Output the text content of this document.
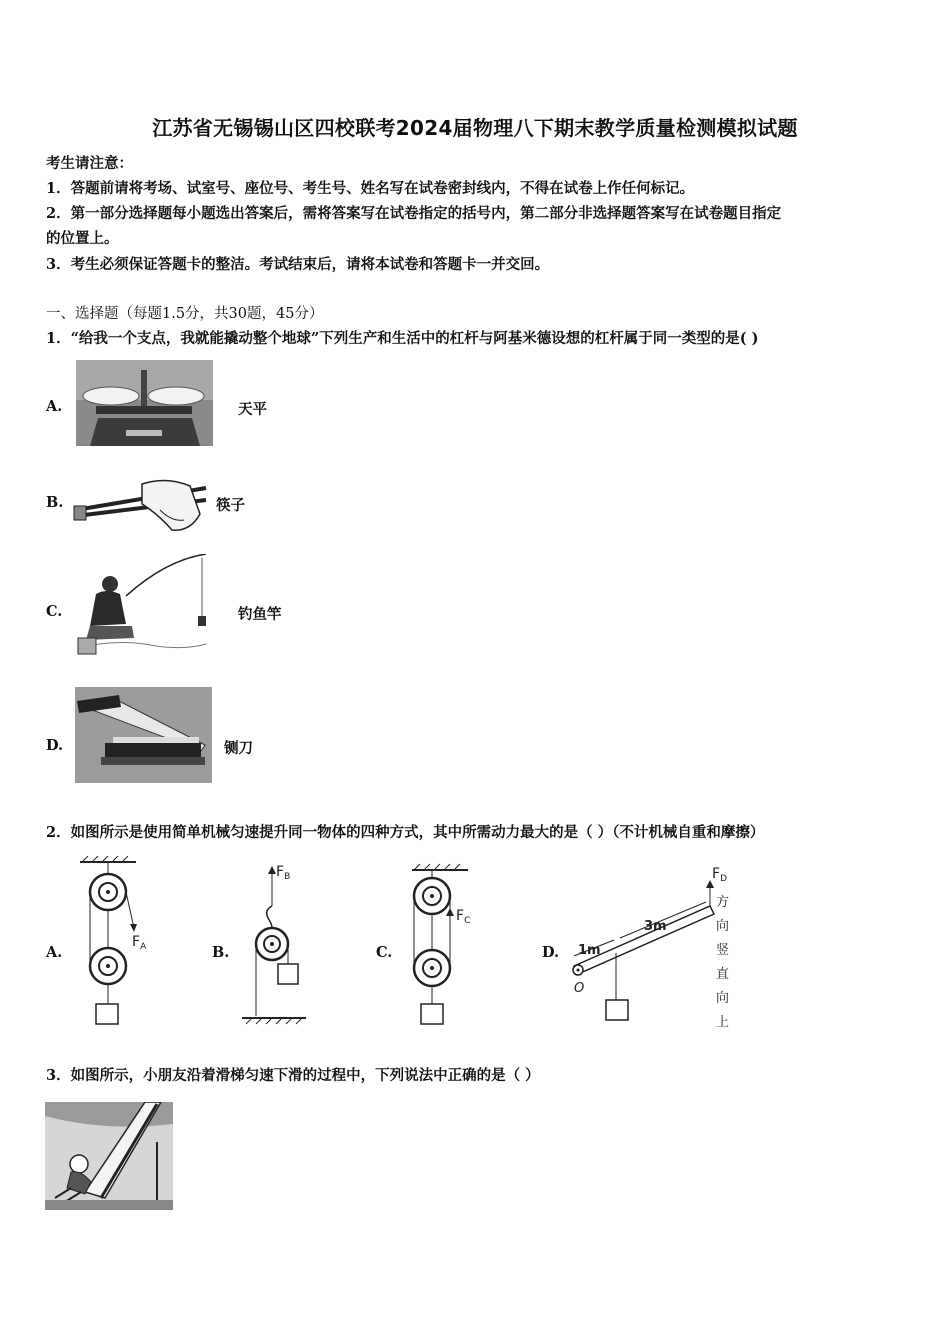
江苏省无锡锡山区四校联考2024届物理八下期末教学质量检测模拟试题
考生请注意：
1．答题前请将考场、试室号、座位号、考生号、姓名写在试卷密封线内，不得在试卷上作任何标记。
2．第一部分选择题每小题选出答案后，需将答案写在试卷指定的括号内，第二部分非选择题答案写在试卷题目指定
的位置上。
3．考生必须保证答题卡的整洁。考试结束后，请将本试卷和答题卡一并交回。
一、选择题（每题1.5分，共30题，45分）
1．“给我一个支点，我就能撬动整个地球”下列生产和生活中的杠杆与阿基米德设想的杠杆属于同一类型的是( )
A.	天平
B.	筷子
C.	钓鱼竿
D.	铡刀
2．如图所示是使用简单机械匀速提升同一物体的四种方式，其中所需动力最大的是（ ）（不计机械自重和摩擦）
A.
$F_A$	B.
$F_B$
C.
$F_C$
D.
$F_D$
1m
3m
O
方
向
竖
直
向
上
3．如图所示，小朋友沿着滑梯匀速下滑的过程中，下列说法中正确的是（ ）
